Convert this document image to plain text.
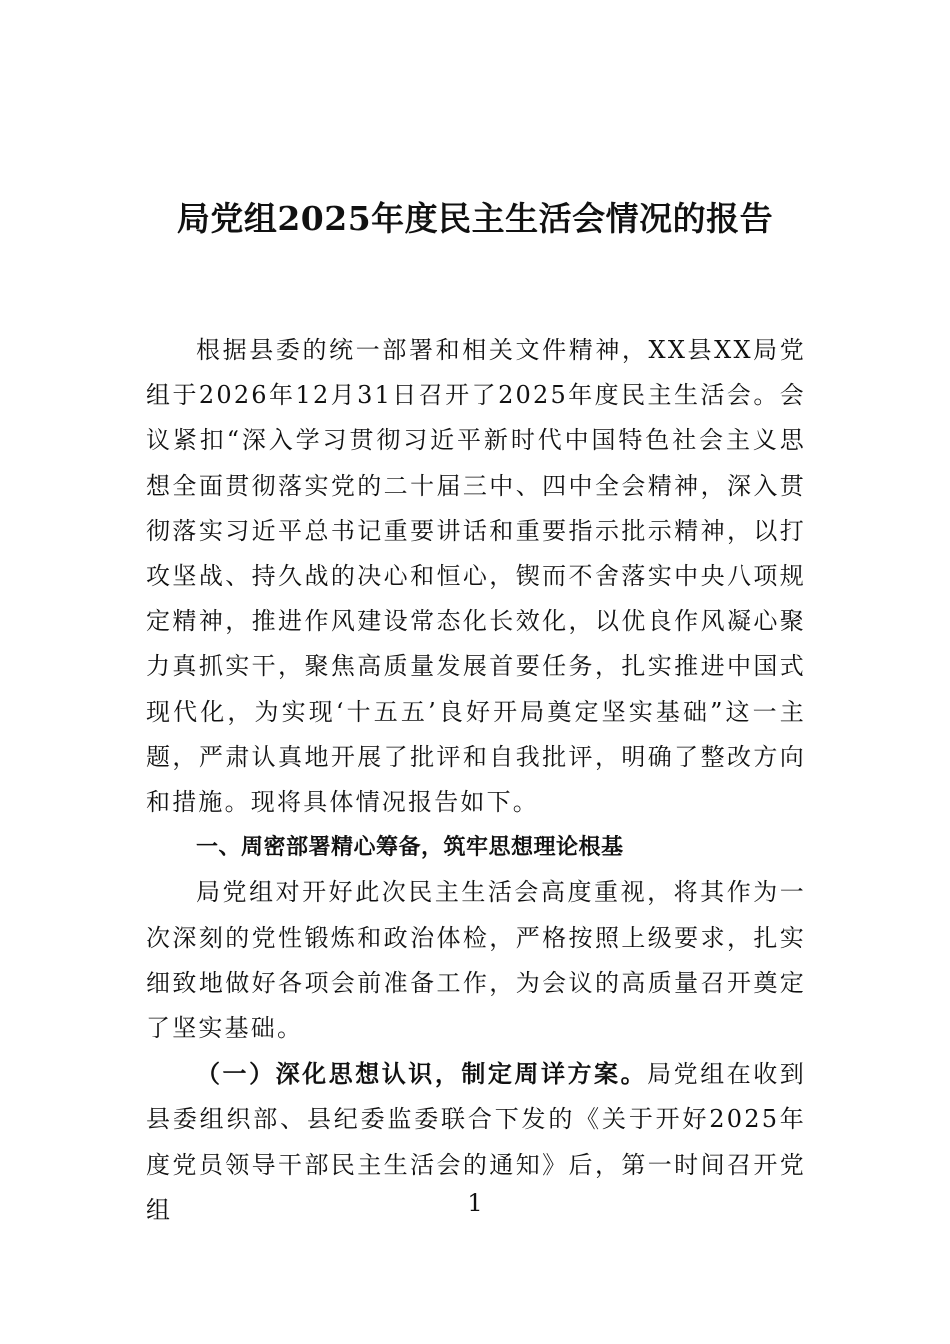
局党组2025年度民主生活会情况的报告

根据县委的统一部署和相关文件精神，XX县XX局党组于2026年12月31日召开了2025年度民主生活会。会议紧扣“深入学习贯彻习近平新时代中国特色社会主义思想全面贯彻落实党的二十届三中、四中全会精神，深入贯彻落实习近平总书记重要讲话和重要指示批示精神，以打攻坚战、持久战的决心和恒心，锲而不舍落实中央八项规定精神，推进作风建设常态化长效化，以优良作风凝心聚力真抓实干，聚焦高质量发展首要任务，扎实推进中国式现代化，为实现‘十五五’良好开局奠定坚实基础”这一主题，严肃认真地开展了批评和自我批评，明确了整改方向和措施。现将具体情况报告如下。

一、周密部署精心筹备，筑牢思想理论根基

局党组对开好此次民主生活会高度重视，将其作为一次深刻的党性锻炼和政治体检，严格按照上级要求，扎实细致地做好各项会前准备工作，为会议的高质量召开奠定了坚实基础。

（一）深化思想认识，制定周详方案。局党组在收到县委组织部、县纪委监委联合下发的《关于开好2025年度党员领导干部民主生活会的通知》后，第一时间召开党组	1
